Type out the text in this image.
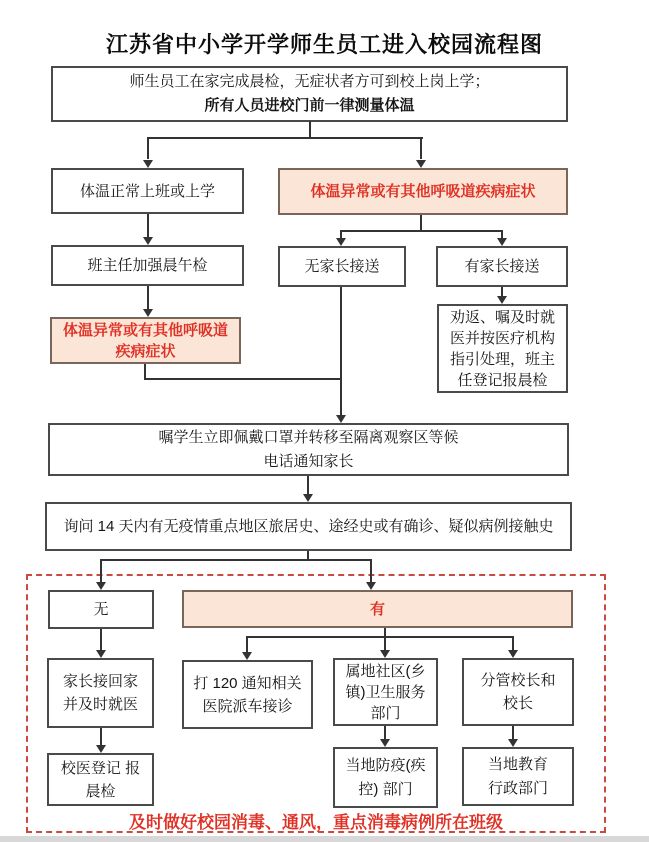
江苏省中小学开学师生员工进入校园流程图
师生员工在家完成晨检，无症状者方可到校上岗上学；
所有人员进校门前一律测量体温
体温正常上班或上学	体温异常或有其他呼吸道疾病症状
班主任加强晨午检	无家长接送	有家长接送
体温异常或有其他呼吸道
疾病症状
劝返、嘱及时就
医并按医疗机构
指引处理，班主
任登记报晨检
嘱学生立即佩戴口罩并转移至隔离观察区等候
电话通知家长
询问 14 天内有无疫情重点地区旅居史、途经史或有确诊、疑似病例接触史
无	有
家长接回家
并及时就医
打 120 通知相关
医院派车接诊
属地社区(乡
镇)卫生服务
部门
分管校长和
校长
校医登记 报
晨检
当地防疫(疾
控) 部门
当地教育
行政部门
及时做好校园消毒、通风，重点消毒病例所在班级
